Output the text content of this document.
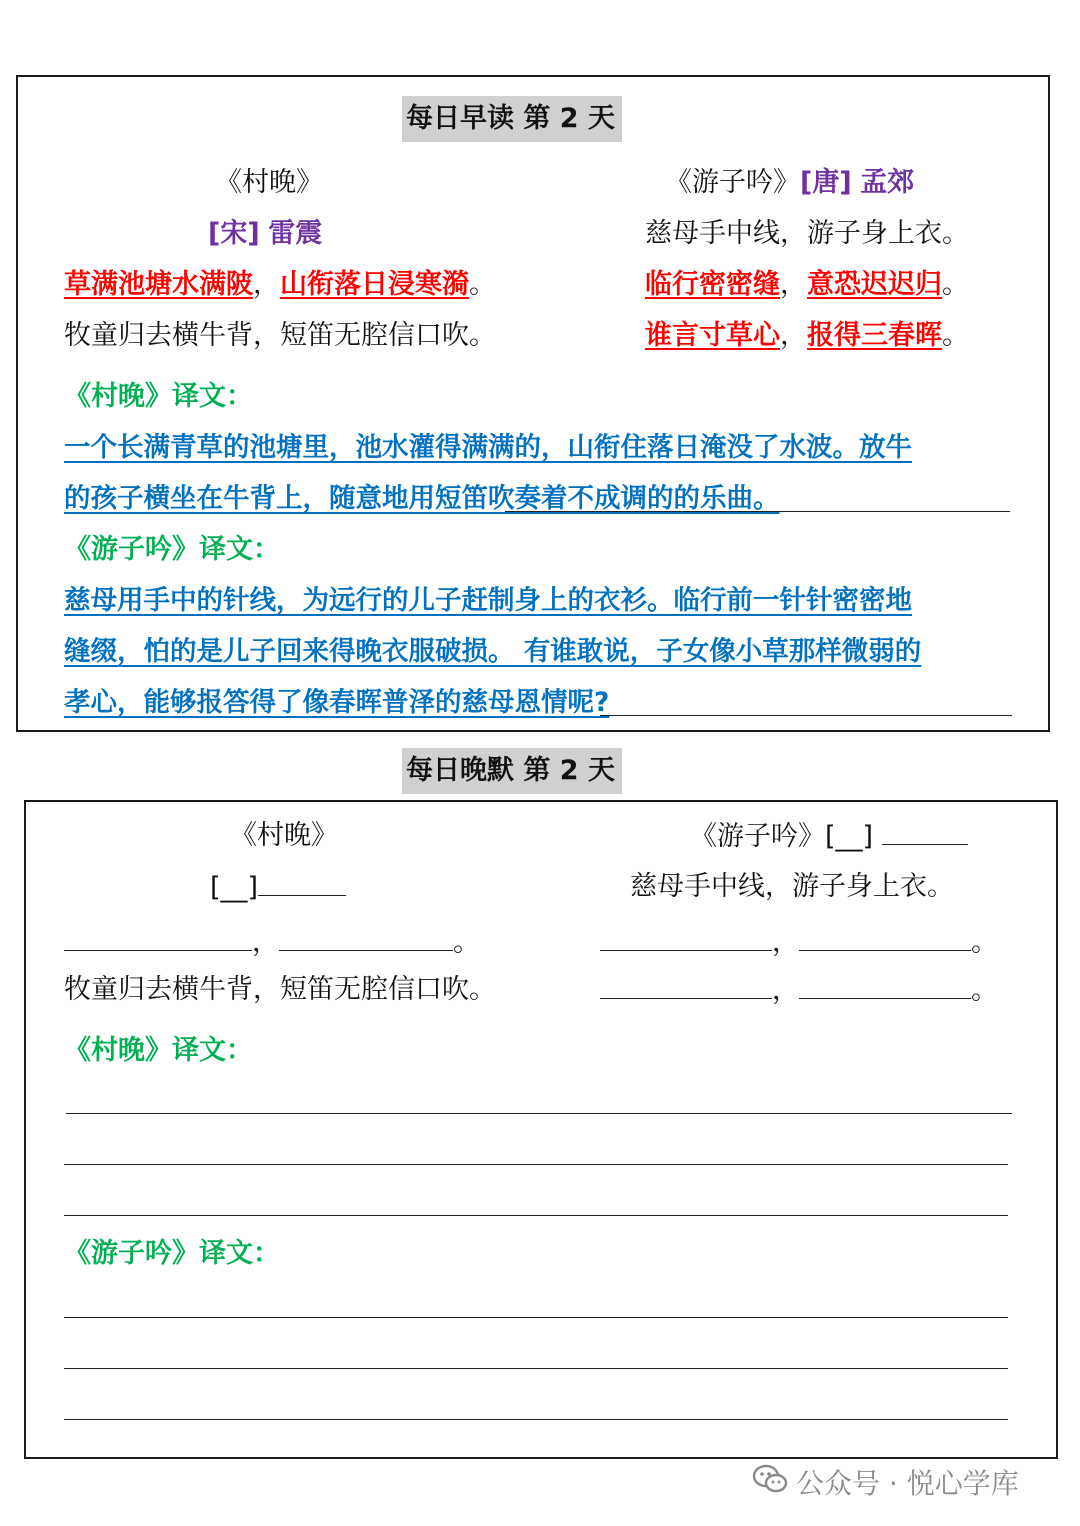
每日早读 第 2 天
《村晚》
[宋] 雷震
草满池塘水满陂，山衔落日浸寒漪。
牧童归去横牛背，短笛无腔信口吹。
《游子吟》[唐] 孟郊
慈母手中线，游子身上衣。
临行密密缝，意恐迟迟归。
谁言寸草心，报得三春晖。
《村晚》译文：
一个长满青草的池塘里，池水灌得满满的，山衔住落日淹没了水波。放牛
的孩子横坐在牛背上，随意地用短笛吹奏着不成调的的乐曲。
《游子吟》译文：
慈母用手中的针线，为远行的儿子赶制身上的衣衫。临行前一针针密密地
缝缀，怕的是儿子回来得晚衣服破损。 有谁敢说，子女像小草那样微弱的
孝心，能够报答得了像春晖普泽的慈母恩情呢?
每日晚默 第 2 天
《村晚》
[__]
，	。
牧童归去横牛背，短笛无腔信口吹。
《游子吟》[__]
慈母手中线，游子身上衣。
，	。
，	。
《村晚》译文：
《游子吟》译文：
公众号 · 悦心学库
